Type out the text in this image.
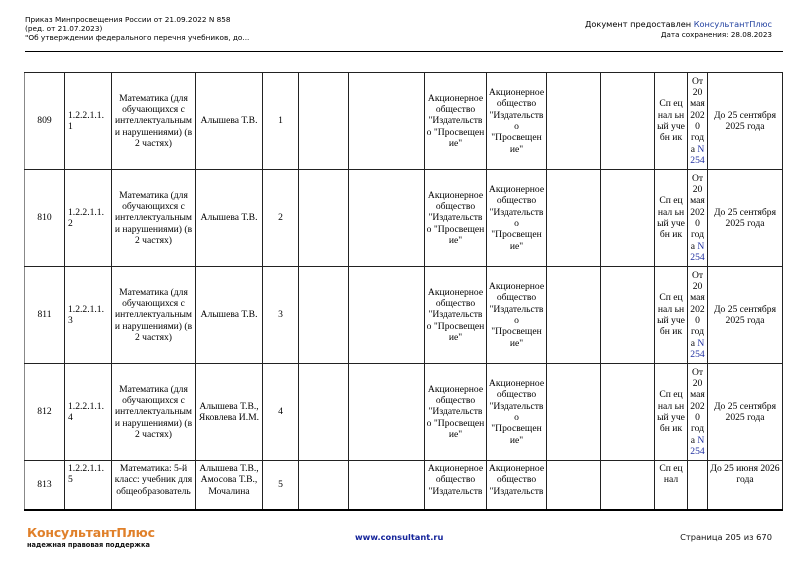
Приказ Минпросвещения России от 21.09.2022 N 858
(ред. от 21.07.2023)
"Об утверждении федерального перечня учебников, до...
Документ предоставлен КонсультантПлюс
Дата сохранения: 28.08.2023
809	1.2.2.1.1. 1	Математика (для обучающихся с интеллектуальным и нарушениями) (в 2 частях)	Алышева Т.В.	1			Акционерное общество "Издательств о "Просвещен ие"	Акционерное общество "Издательств о "Просвещен ие"			Сп ец нал ьн ый уче бн ик	От 20 мая 2020 года N 254	До 25 сентября 2025 года
810	1.2.2.1.1. 2	Математика (для обучающихся с интеллектуальным и нарушениями) (в 2 частях)	Алышева Т.В.	2			Акционерное общество "Издательств о "Просвещен ие"	Акционерное общество "Издательств о "Просвещен ие"			Сп ец нал ьн ый уче бн ик	От 20 мая 2020 года N 254	До 25 сентября 2025 года
811	1.2.2.1.1. 3	Математика (для обучающихся с интеллектуальным и нарушениями) (в 2 частях)	Алышева Т.В.	3			Акционерное общество "Издательств о "Просвещен ие"	Акционерное общество "Издательств о "Просвещен ие"			Сп ец нал ьн ый уче бн ик	От 20 мая 2020 года N 254	До 25 сентября 2025 года
812	1.2.2.1.1. 4	Математика (для обучающихся с интеллектуальным и нарушениями) (в 2 частях)	Алышева Т.В., Яковлева И.М.	4			Акционерное общество "Издательств о "Просвещен ие"	Акционерное общество "Издательств о "Просвещен ие"			Сп ец нал ьн ый уче бн ик	От 20 мая 2020 года N 254	До 25 сентября 2025 года
813	1.2.2.1.1. 5	Математика: 5-й класс: учебник для общеобразователь	Алышева Т.В., Амосова Т.В., Мочалина	5			Акционерное общество "Издательств	Акционерное общество "Издательств			Сп ец нал		До 25 июня 2026 года
КонсультантПлюс
надежная правовая поддержка
www.consultant.ru	Страница 205 из 670
